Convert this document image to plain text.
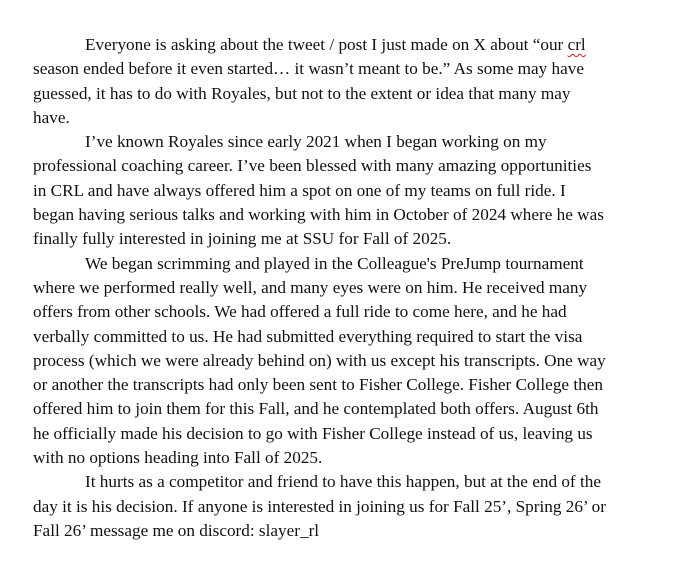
Everyone is asking about the tweet / post I just made on X about “our crl
season ended before it even started… it wasn’t meant to be.” As some may have
guessed, it has to do with Royales, but not to the extent or idea that many may
have.
I’ve known Royales since early 2021 when I began working on my
professional coaching career. I’ve been blessed with many amazing opportunities
in CRL and have always offered him a spot on one of my teams on full ride. I
began having serious talks and working with him in October of 2024 where he was
finally fully interested in joining me at SSU for Fall of 2025.
We began scrimming and played in the Colleague's PreJump tournament
where we performed really well, and many eyes were on him. He received many
offers from other schools. We had offered a full ride to come here, and he had
verbally committed to us. He had submitted everything required to start the visa
process (which we were already behind on) with us except his transcripts. One way
or another the transcripts had only been sent to Fisher College. Fisher College then
offered him to join them for this Fall, and he contemplated both offers. August 6th
he officially made his decision to go with Fisher College instead of us, leaving us
with no options heading into Fall of 2025.
It hurts as a competitor and friend to have this happen, but at the end of the
day it is his decision. If anyone is interested in joining us for Fall 25’, Spring 26’ or
Fall 26’ message me on discord: slayer_rl
